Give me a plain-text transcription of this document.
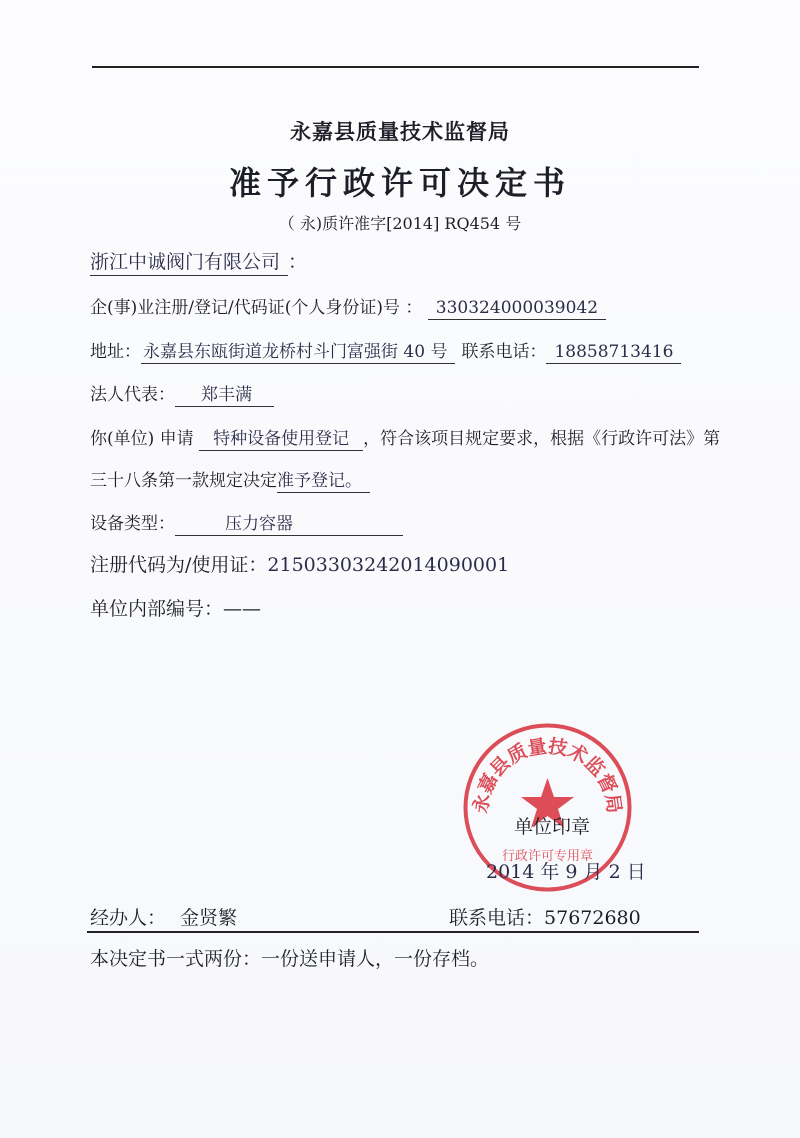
永嘉县质量技术监督局
准予行政许可决定书
（ 永)质许准字[2014] RQ454 号
浙江中诚阀门有限公司 ：
企(事)业注册/登记/代码证(个人身份证)号 ： 330324000039042
地址： 永嘉县东瓯街道龙桥村斗门富强街 40 号 联系电话： 18858713416
法人代表： 郑丰满
你(单位) 申请 特种设备使用登记 ，符合该项目规定要求，根据《行政许可法》第
三十八条第一款规定决定准予登记。
设备类型：	压力容器
注册代码为/使用证：21503303242014090001
单位内部编号：——
永嘉县质量技术监督局
行政许可专用章
单位印章
2014 年 9 月 2 日
经办人： 金贤繁	联系电话：57672680
本决定书一式两份：一份送申请人，一份存档。
